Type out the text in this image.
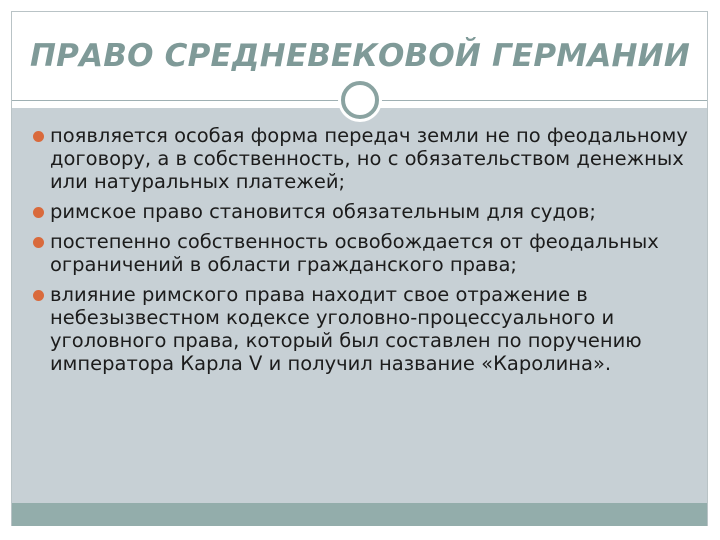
ПРАВО СРЕДНЕВЕКОВОЙ ГЕРМАНИИ
появляется особая форма передач земли не по феодальному договору, а в собственность, но с обязательством денежных или натуральных платежей;
римское право становится обязательным для судов;
постепенно собственность освобождается от феодальных ограничений в области гражданского права;
влияние римского права находит свое отражение в небезызвестном кодексе уголовно-процессуального и уголовного права, который был составлен по поручению императора Карла V и получил название «Каролина».
